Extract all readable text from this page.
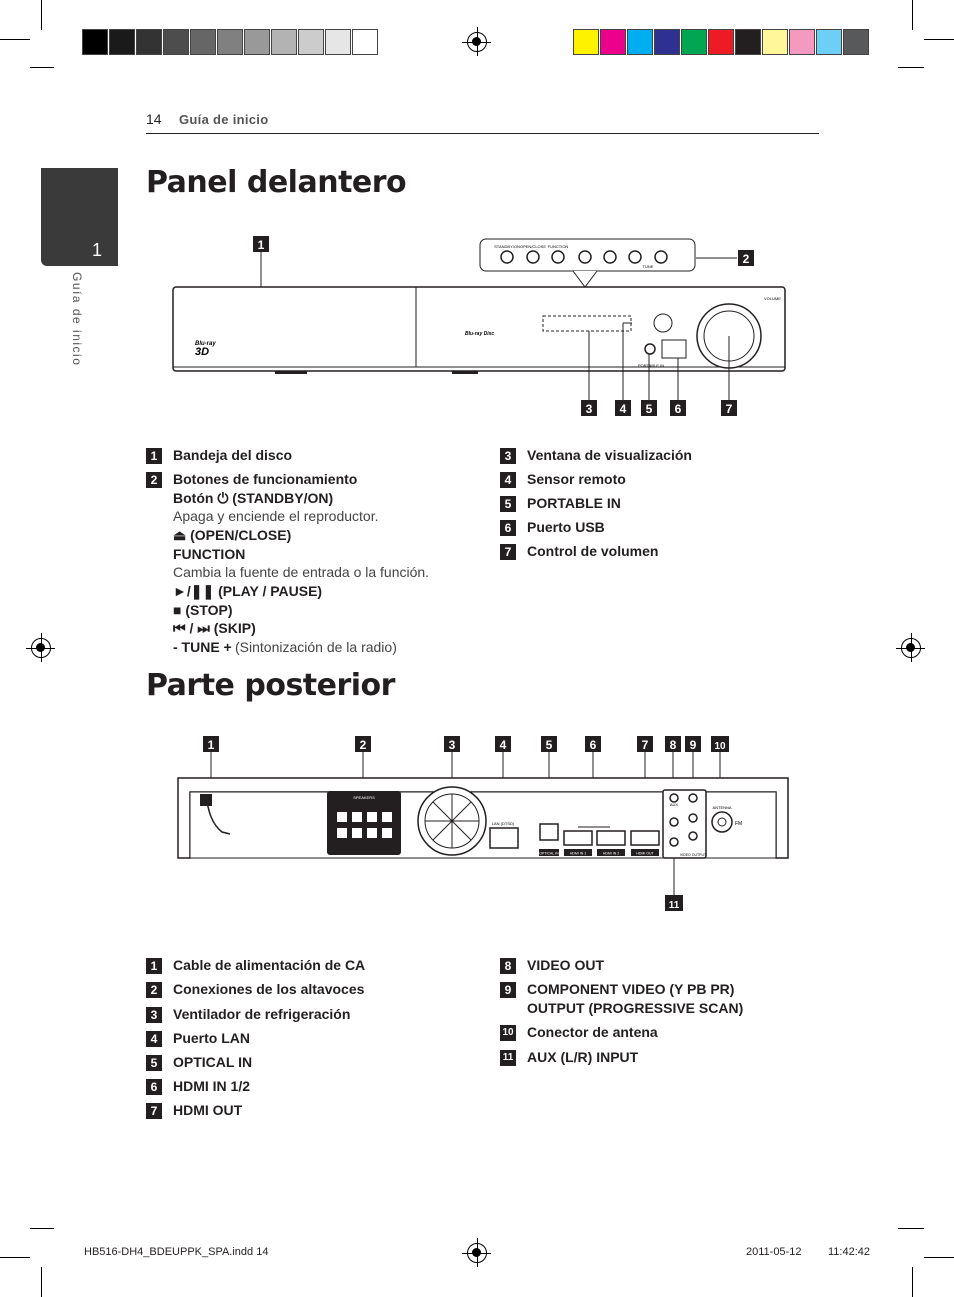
14 Guía de inicio
1
Guía de inicio
Panel delantero
1	STANDBY/ON OPEN/CLOSE FUNCTION
TUNE
2
Blu-ray
3D
Blu-ray Disc
PORTABLE IN
VOLUME
3 4 5 6	7
1	Bandeja del disco
2	Botones de funcionamiento
Botón ⏻ (STANDBY/ON)
Apaga y enciende el reproductor.
⏏ (OPEN/CLOSE)
FUNCTION
Cambia la fuente de entrada o la función.
►/❚❚ (PLAY / PAUSE)
■ (STOP)
⏮ / ⏭ (SKIP)
- TUNE + (Sintonización de la radio)
3	Ventana de visualización
4	Sensor remoto
5	PORTABLE IN
6	Puerto USB
7	Control de volumen
Parte posterior
1	2	3	4	5	6	7 8 9 10
11
SPEAKERS
LAN (DTSD)
OPTICAL IN	HDMI IN 1	HDMI IN 2	HDMI OUT
AUX
VIDEO OUTPUT
ANTENNA
FM
1	Cable de alimentación de CA
2	Conexiones de los altavoces
3	Ventilador de refrigeración
4	Puerto LAN
5	OPTICAL IN
6	HDMI IN 1/2
7	HDMI OUT
8	VIDEO OUT
9	COMPONENT VIDEO (Y PB PR)
OUTPUT (PROGRESSIVE SCAN)
10 Conector de antena
11 AUX (L/R) INPUT
HB516-DH4_BDEUPPK_SPA.indd 14	2011-05-12 11:42:42
